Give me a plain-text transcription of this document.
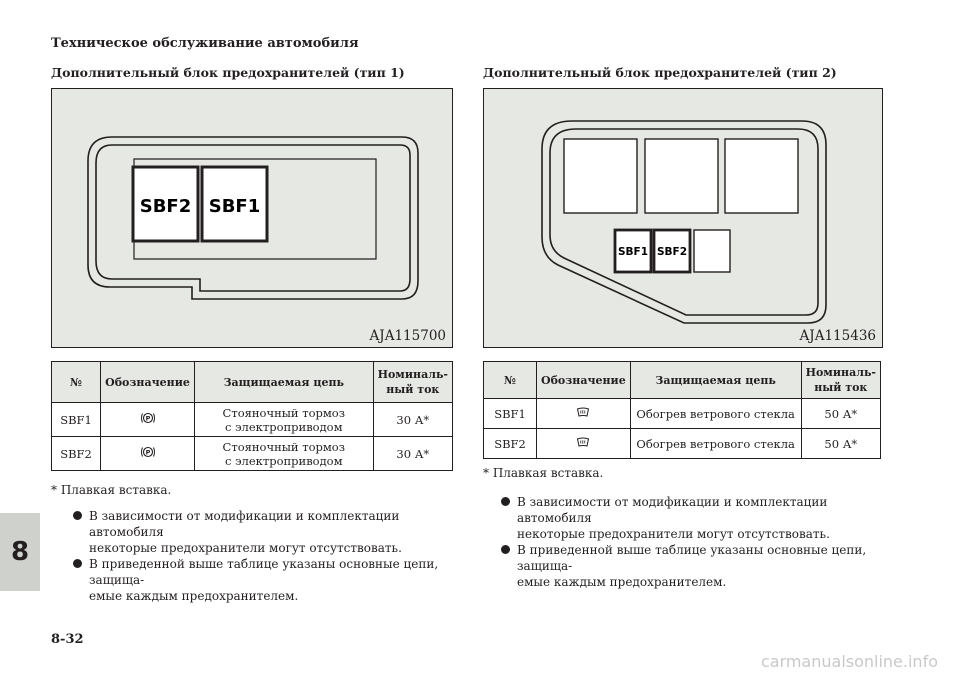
Техническое обслуживание автомобиля
Дополнительный блок предохранителей (тип 1)
SBF2 SBF1
AJA115700
№	Обозначение	Защищаемая цепь	Номиналь-
ный ток
SBF1	P	Стояночный тормоз
с электроприводом	30 А*
SBF2	P	Стояночный тормоз
с электроприводом	30 А*
* Плавкая вставка.
В зависимости от модификации и комплектации автомобиля
некоторые предохранители могут отсутствовать.
В приведенной выше таблице указаны основные цепи, защища-
емые каждым предохранителем.
Дополнительный блок предохранителей (тип 2)
SBF1 SBF2
AJA115436
№	Обозначение	Защищаемая цепь	Номиналь-
ный ток
SBF1		Обогрев ветрового стекла	50 А*
SBF2		Обогрев ветрового стекла	50 А*
* Плавкая вставка.
В зависимости от модификации и комплектации автомобиля
некоторые предохранители могут отсутствовать.
В приведенной выше таблице указаны основные цепи, защища-
емые каждым предохранителем.
8
8-32
carmanualsonline.info
